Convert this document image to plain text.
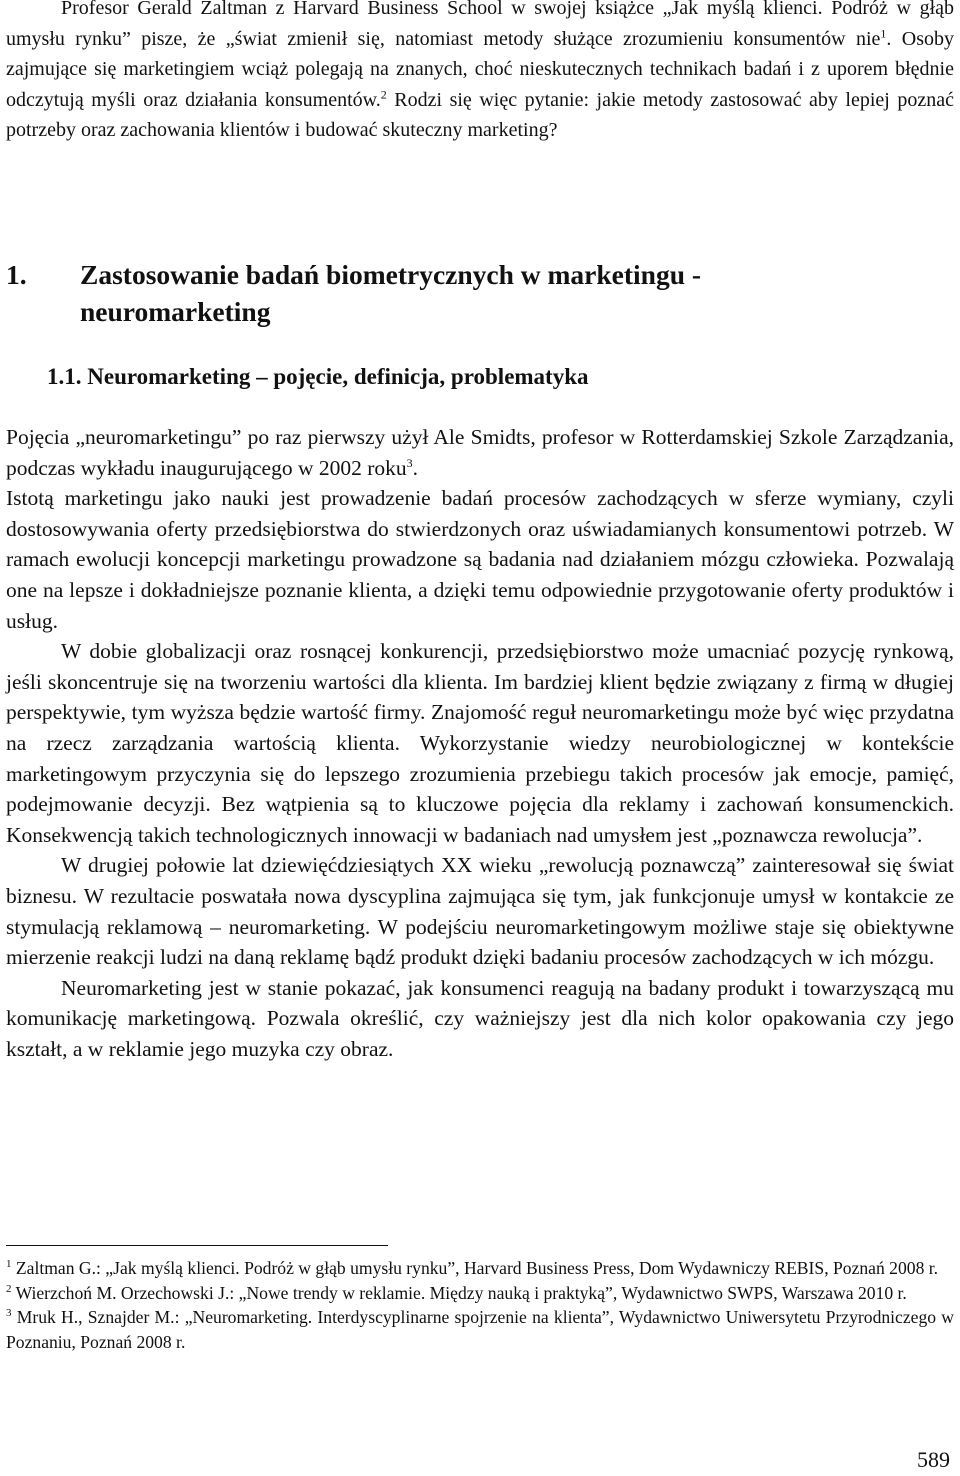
Profesor Gerald Zaltman z Harvard Business School w swojej książce „Jak myślą klienci. Podróż w głąb umysłu rynku” pisze, że „świat zmienił się, natomiast metody służące zrozumieniu konsumentów nie$^1$. Osoby zajmujące się marketingiem wciąż polegają na znanych, choć nieskutecznych technikach badań i z uporem błędnie odczytują myśli oraz działania konsumentów.$^2$ Rodzi się więc pytanie: jakie metody zastosować aby lepiej poznać potrzeby oraz zachowania klientów i budować skuteczny marketing?

1.	Zastosowanie badań biometrycznych w marketingu - neuromarketing
1.1. Neuromarketing – pojęcie, definicja, problematyka

Pojęcia „neuromarketingu” po raz pierwszy użył Ale Smidts, profesor w Rotterdamskiej Szkole Zarządzania, podczas wykładu inaugurującego w 2002 roku$^3$.

Istotą marketingu jako nauki jest prowadzenie badań procesów zachodzących w sferze wymiany, czyli dostosowywania oferty przedsiębiorstwa do stwierdzonych oraz uświadamianych konsumentowi potrzeb. W ramach ewolucji koncepcji marketingu prowadzone są badania nad działaniem mózgu człowieka. Pozwalają one na lepsze i dokładniejsze poznanie klienta, a dzięki temu odpowiednie przygotowanie oferty produktów i usług.

W dobie globalizacji oraz rosnącej konkurencji, przedsiębiorstwo może umacniać pozycję rynkową, jeśli skoncentruje się na tworzeniu wartości dla klienta. Im bardziej klient będzie związany z firmą w długiej perspektywie, tym wyższa będzie wartość firmy. Znajomość reguł neuromarketingu może być więc przydatna na rzecz zarządzania wartością klienta. Wykorzystanie wiedzy neurobiologicznej w kontekście marketingowym przyczynia się do lepszego zrozumienia przebiegu takich procesów jak emocje, pamięć, podejmowanie decyzji. Bez wątpienia są to kluczowe pojęcia dla reklamy i zachowań konsumenckich. Konsekwencją takich technologicznych innowacji w badaniach nad umysłem jest „poznawcza rewolucja”.

W drugiej połowie lat dziewięćdziesiątych XX wieku „rewolucją poznawczą” zainteresował się świat biznesu. W rezultacie poswatała nowa dyscyplina zajmująca się tym, jak funkcjonuje umysł w kontakcie ze stymulacją reklamową – neuromarketing. W podejściu neuromarketingowym możliwe staje się obiektywne mierzenie reakcji ludzi na daną reklamę bądź produkt dzięki badaniu procesów zachodzących w ich mózgu.

Neuromarketing jest w stanie pokazać, jak konsumenci reagują na badany produkt i towarzyszącą mu komunikację marketingową. Pozwala określić, czy ważniejszy jest dla nich kolor opakowania czy jego kształt, a w reklamie jego muzyka czy obraz.

$^1$ Zaltman G.: „Jak myślą klienci. Podróż w głąb umysłu rynku”, Harvard Business Press, Dom Wydawniczy REBIS, Poznań 2008 r.

$^2$ Wierzchoń M. Orzechowski J.: „Nowe trendy w reklamie. Między nauką i praktyką”, Wydawnictwo SWPS, Warszawa 2010 r.

$^3$ Mruk H., Sznajder M.: „Neuromarketing. Interdyscyplinarne spojrzenie na klienta”, Wydawnictwo Uniwersytetu Przyrodniczego w Poznaniu, Poznań 2008 r.

589
